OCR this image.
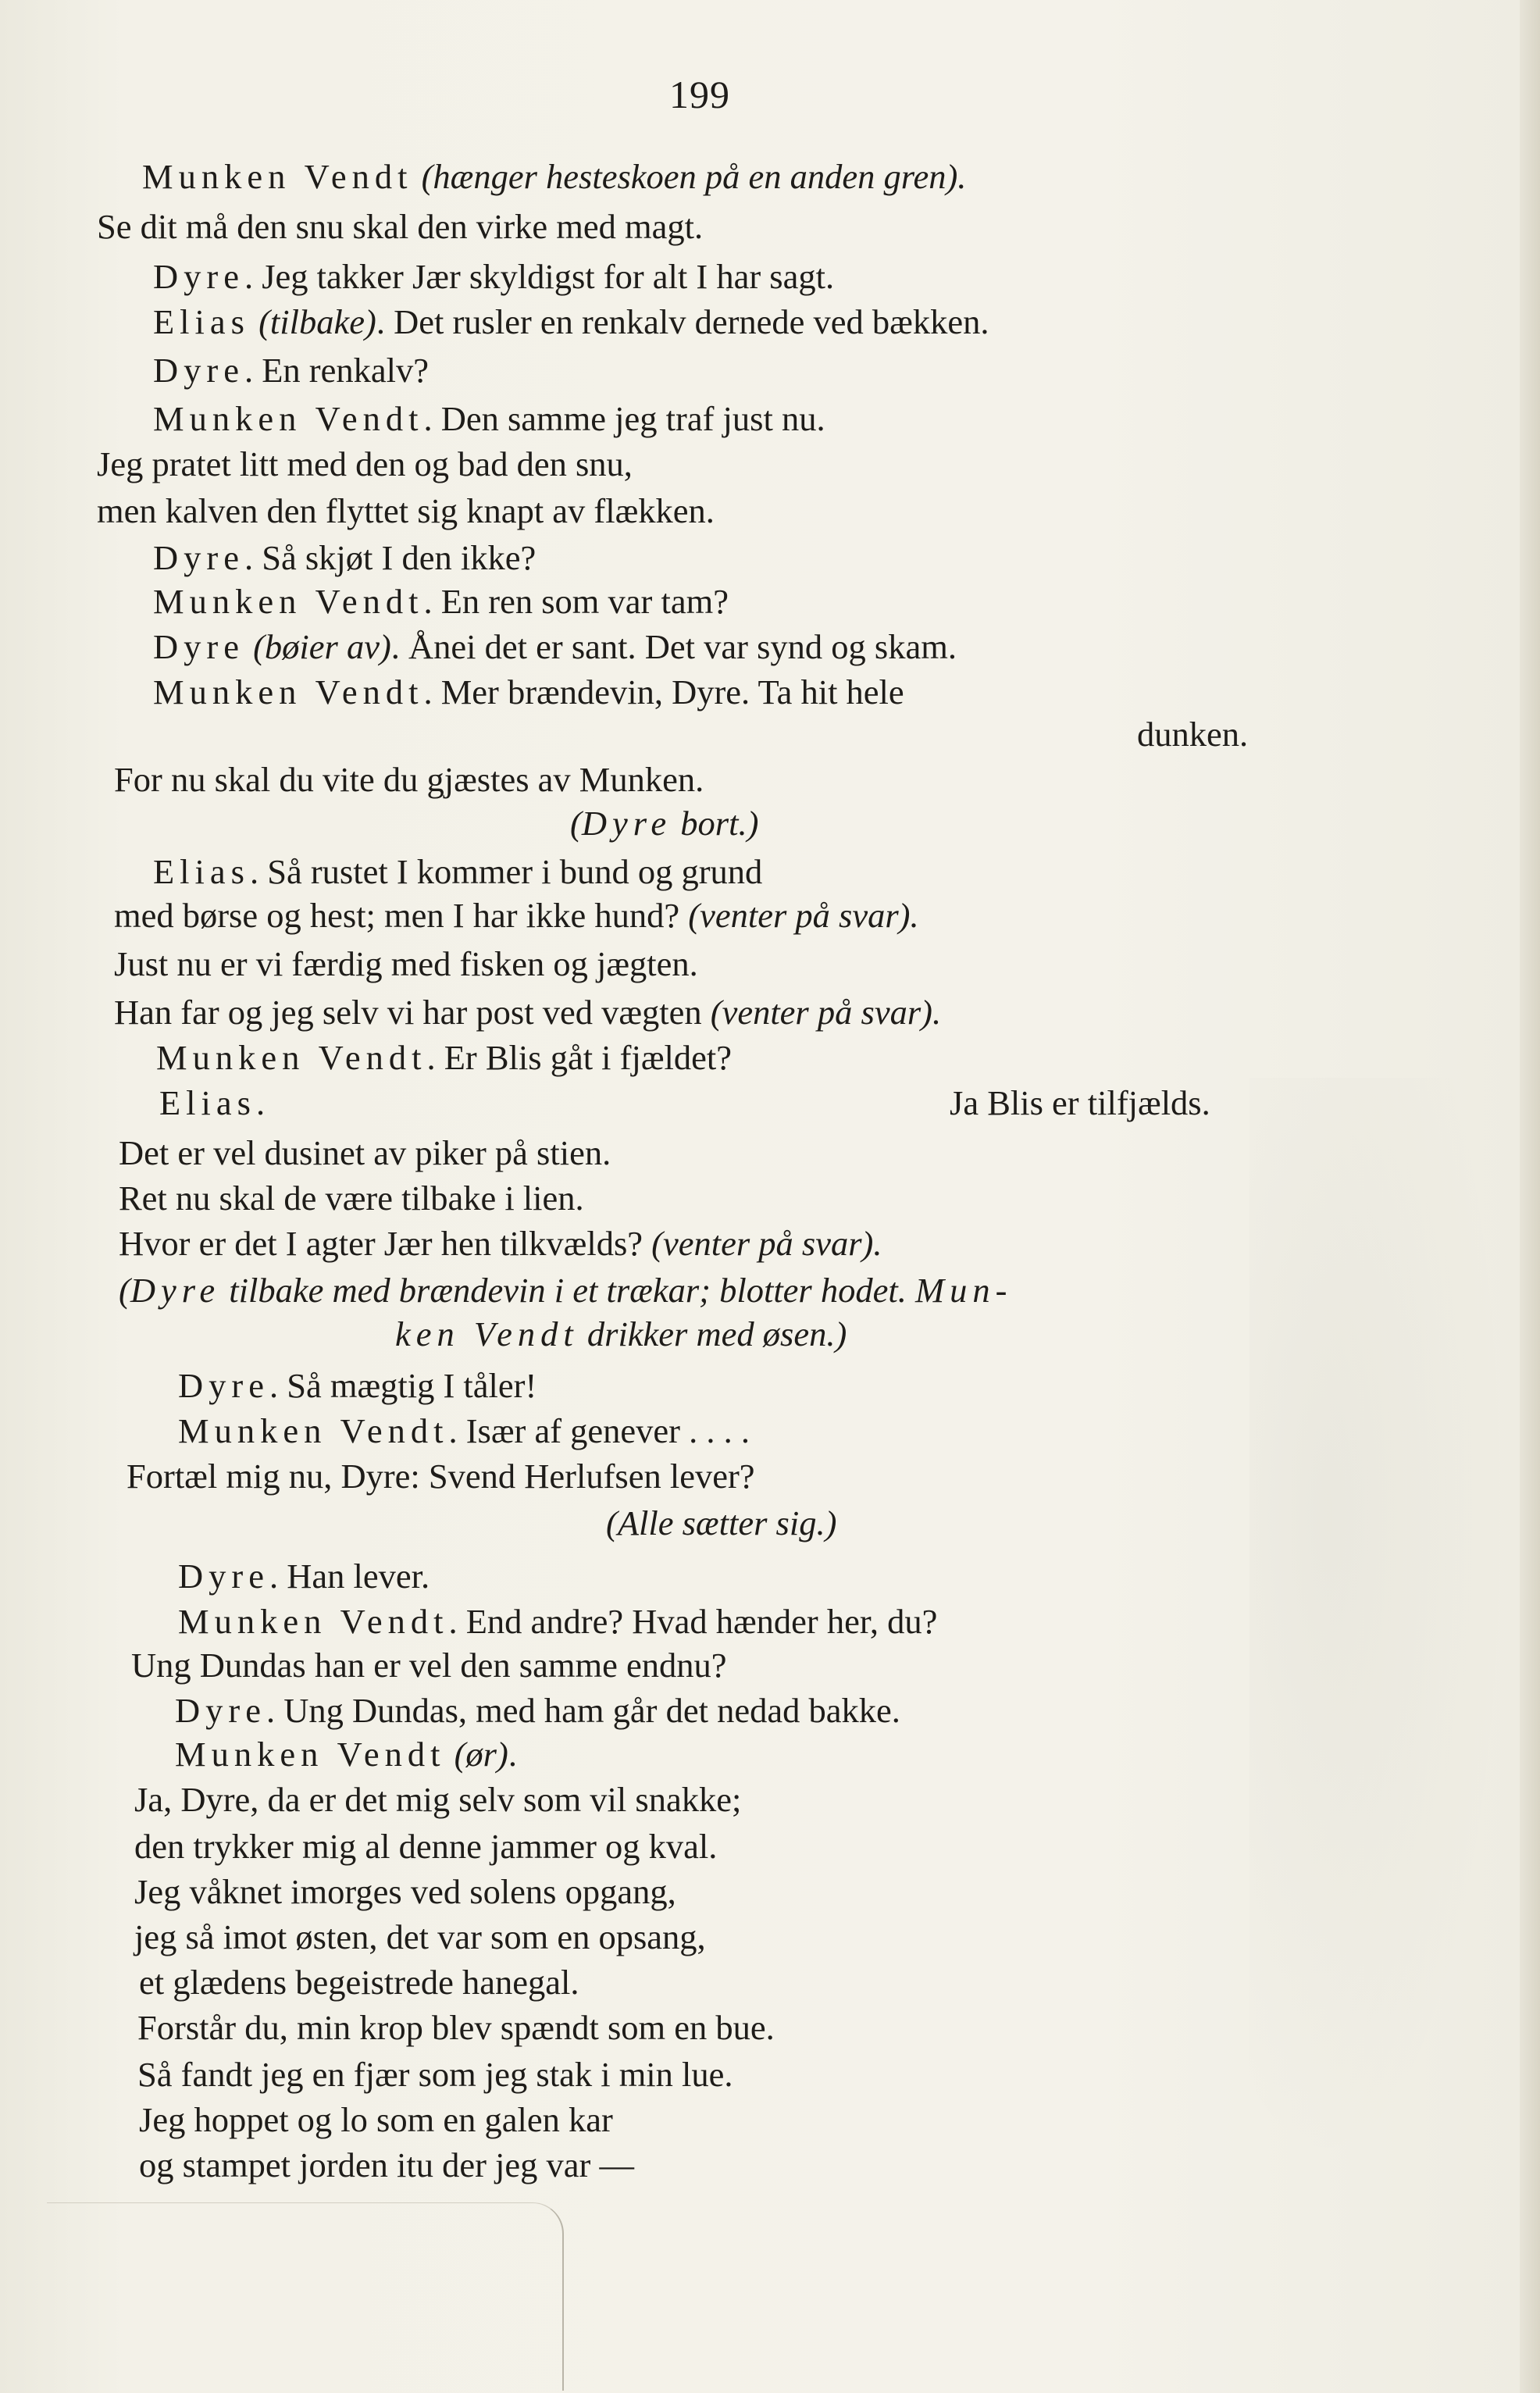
199
Munken Vendt (hænger hesteskoen på en anden gren).
Se dit må den snu skal den virke med magt.
Dyre. Jeg takker Jær skyldigst for alt I har sagt.
Elias (tilbake). Det rusler en renkalv dernede ved bækken.
Dyre. En renkalv?
Munken Vendt. Den samme jeg traf just nu.
Jeg pratet litt med den og bad den snu,
men kalven den flyttet sig knapt av flækken.
Dyre. Så skjøt I den ikke?
Munken Vendt. En ren som var tam?
Dyre (bøier av). Ånei det er sant. Det var synd og skam.
Munken Vendt. Mer brændevin, Dyre. Ta hit hele
dunken.
For nu skal du vite du gjæstes av Munken.
(Dyre bort.)
Elias. Så rustet I kommer i bund og grund
med børse og hest; men I har ikke hund? (venter på svar).
Just nu er vi færdig med fisken og jægten.
Han far og jeg selv vi har post ved vægten (venter på svar).
Munken Vendt. Er Blis gåt i fjældet?
Elias.	Ja Blis er tilfjælds.
Det er vel dusinet av piker på stien.
Ret nu skal de være tilbake i lien.
Hvor er det I agter Jær hen tilkvælds? (venter på svar).
(Dyre tilbake med brændevin i et trækar; blotter hodet. Mun-
ken Vendt drikker med øsen.)
Dyre. Så mægtig I tåler!
Munken Vendt. Især af genever . . . .
Fortæl mig nu, Dyre: Svend Herlufsen lever?
(Alle sætter sig.)
Dyre. Han lever.
Munken Vendt. End andre? Hvad hænder her, du?
Ung Dundas han er vel den samme endnu?
Dyre. Ung Dundas, med ham går det nedad bakke.
Munken Vendt (ør).
Ja, Dyre, da er det mig selv som vil snakke;
den trykker mig al denne jammer og kval.
Jeg våknet imorges ved solens opgang,
jeg så imot østen, det var som en opsang,
et glædens begeistrede hanegal.
Forstår du, min krop blev spændt som en bue.
Så fandt jeg en fjær som jeg stak i min lue.
Jeg hoppet og lo som en galen kar
og stampet jorden itu der jeg var —
